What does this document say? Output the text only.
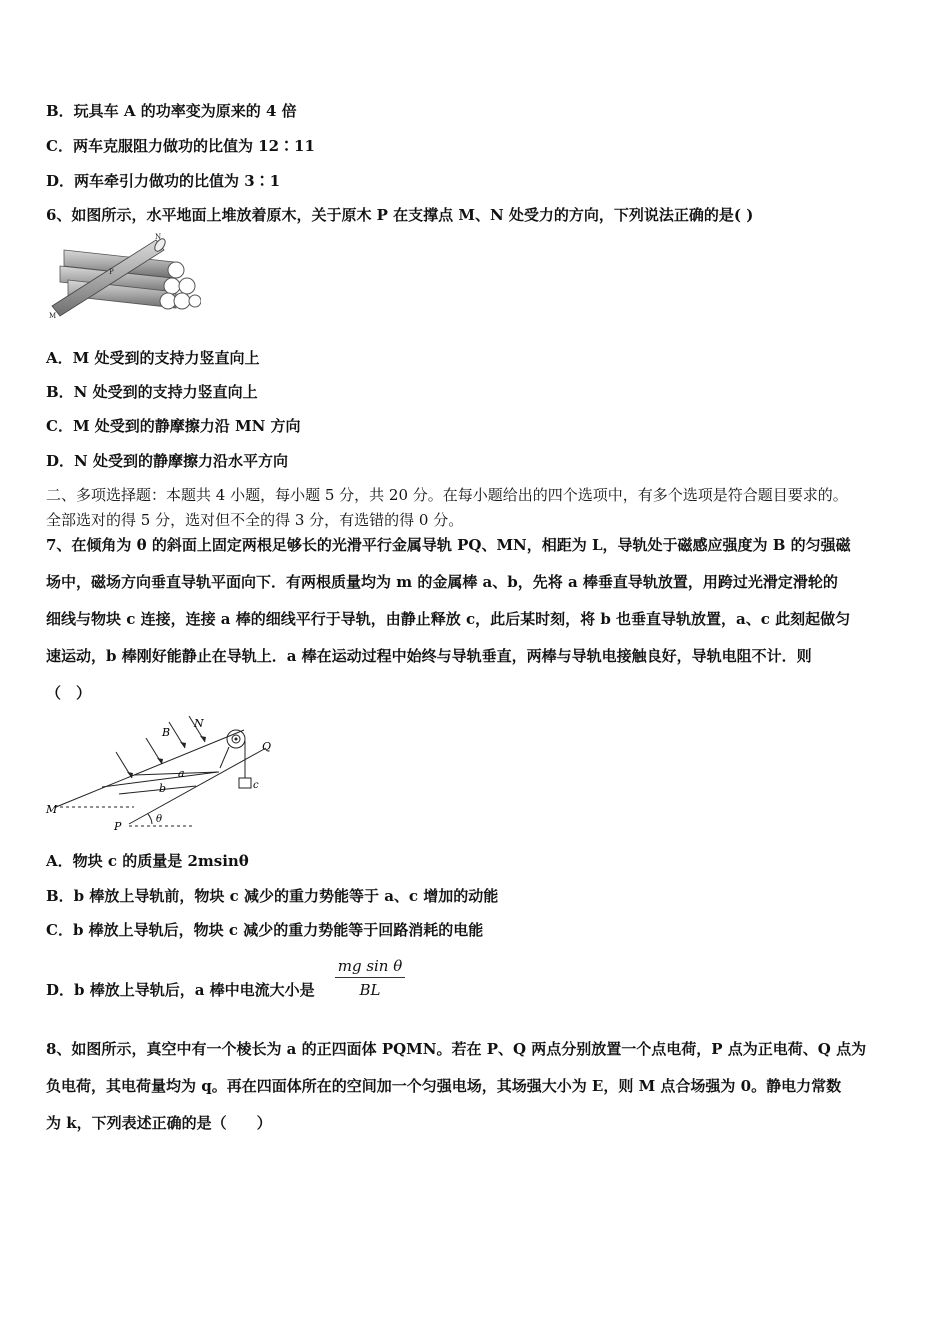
B．玩具车 A 的功率变为原来的 4 倍
C．两车克服阻力做功的比值为 12∶11
D．两车牵引力做功的比值为 3∶1
6、如图所示，水平地面上堆放着原木，关于原木 P 在支撑点 M、N 处受力的方向，下列说法正确的是( )
N
P
M
A．M 处受到的支持力竖直向上
B．N 处受到的支持力竖直向上
C．M 处受到的静摩擦力沿 MN 方向
D．N 处受到的静摩擦力沿水平方向
二、多项选择题：本题共 4 小题，每小题 5 分，共 20 分。在每小题给出的四个选项中，有多个选项是符合题目要求的。
全部选对的得 5 分，选对但不全的得 3 分，有选错的得 0 分。
7、在倾角为 θ 的斜面上固定两根足够长的光滑平行金属导轨 PQ、MN，相距为 L，导轨处于磁感应强度为 B 的匀强磁
场中，磁场方向垂直导轨平面向下．有两根质量均为 m 的金属棒 a、b，先将 a 棒垂直导轨放置，用跨过光滑定滑轮的
细线与物块 c 连接，连接 a 棒的细线平行于导轨，由静止释放 c，此后某时刻，将 b 也垂直导轨放置，a、c 此刻起做匀
速运动，b 棒刚好能静止在导轨上．a 棒在运动过程中始终与导轨垂直，两棒与导轨电接触良好，导轨电阻不计．则
（　）
B
N
Q
a
b	c
M
P
θ
A．物块 c 的质量是 2msinθ
B．b 棒放上导轨前，物块 c 减少的重力势能等于 a、c 增加的动能
C．b 棒放上导轨后，物块 c 减少的重力势能等于回路消耗的电能
D．b 棒放上导轨后，a 棒中电流大小是 $\frac{\text{mg sin θ}}{BL}$
8、如图所示，真空中有一个棱长为 a 的正四面体 PQMN。若在 P、Q 两点分别放置一个点电荷，P 点为正电荷、Q 点为
负电荷，其电荷量均为 q。再在四面体所在的空间加一个匀强电场，其场强大小为 E，则 M 点合场强为 0。静电力常数
为 k，下列表述正确的是（　　）
